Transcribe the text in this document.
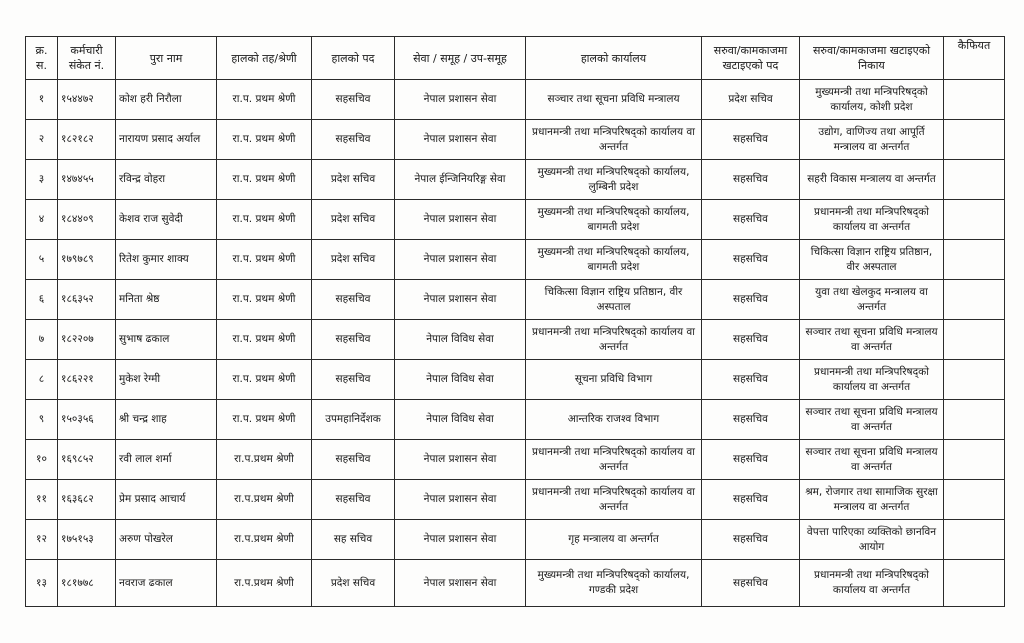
क्र. स.	कर्मचारी संकेत नं.	पुरा नाम	हालको तह/श्रेणी	हालको पद	सेवा / समूह / उप-समूह	हालको कार्यालय	सरुवा/कामकाजमा खटाइएको पद	सरुवा/कामकाजमा खटाइएको निकाय	कैफियत
१	१५४४७२	कोश हरी निरौला	रा.प. प्रथम श्रेणी	सहसचिव	नेपाल प्रशासन सेवा	सञ्चार तथा सूचना प्रविधि मन्त्रालय	प्रदेश सचिव	मुख्यमन्त्री तथा मन्त्रिपरिषद्को कार्यालय, कोशी प्रदेश	
२	१८२१८२	नारायण प्रसाद अर्याल	रा.प. प्रथम श्रेणी	सहसचिव	नेपाल प्रशासन सेवा	प्रधानमन्त्री तथा मन्त्रिपरिषद्को कार्यालय वा अन्तर्गत	सहसचिव	उद्योग, वाणिज्य तथा आपूर्ति मन्त्रालय वा अन्तर्गत	
३	१४७४५५	रविन्द्र वोहरा	रा.प. प्रथम श्रेणी	प्रदेश सचिव	नेपाल ईन्जिनियरिङ्ग सेवा	मुख्यमन्त्री तथा मन्त्रिपरिषद्को कार्यालय, लुम्बिनी प्रदेश	सहसचिव	सहरी विकास मन्त्रालय वा अन्तर्गत	
४	१८४४०९	केशव राज सुवेदी	रा.प. प्रथम श्रेणी	प्रदेश सचिव	नेपाल प्रशासन सेवा	मुख्यमन्त्री तथा मन्त्रिपरिषद्को कार्यालय, बागमती प्रदेश	सहसचिव	प्रधानमन्त्री तथा मन्त्रिपरिषद्को कार्यालय वा अन्तर्गत	
५	१७९७८९	रितेश कुमार शाक्य	रा.प. प्रथम श्रेणी	प्रदेश सचिव	नेपाल प्रशासन सेवा	मुख्यमन्त्री तथा मन्त्रिपरिषद्को कार्यालय, बागमती प्रदेश	सहसचिव	चिकित्सा विज्ञान राष्ट्रिय प्रतिष्ठान, वीर अस्पताल	
६	१८६३५२	मनिता श्रेष्ठ	रा.प. प्रथम श्रेणी	सहसचिव	नेपाल प्रशासन सेवा	चिकित्सा विज्ञान राष्ट्रिय प्रतिष्ठान, वीर अस्पताल	सहसचिव	युवा तथा खेलकुद मन्त्रालय वा अन्तर्गत	
७	१८२२०७	सुभाष ढकाल	रा.प. प्रथम श्रेणी	सहसचिव	नेपाल विविध सेवा	प्रधानमन्त्री तथा मन्त्रिपरिषद्को कार्यालय वा अन्तर्गत	सहसचिव	सञ्चार तथा सूचना प्रविधि मन्त्रालय वा अन्तर्गत	
८	१८६२२१	मुकेश रेग्मी	रा.प. प्रथम श्रेणी	सहसचिव	नेपाल विविध सेवा	सूचना प्रविधि विभाग	सहसचिव	प्रधानमन्त्री तथा मन्त्रिपरिषद्को कार्यालय वा अन्तर्गत	
९	१५०३५६	श्री चन्द्र शाह	रा.प. प्रथम श्रेणी	उपमहानिर्देशक	नेपाल विविध सेवा	आन्तरिक राजश्व विभाग	सहसचिव	सञ्चार तथा सूचना प्रविधि मन्त्रालय वा अन्तर्गत	
१०	१६९८५२	रवी लाल शर्मा	रा.प.प्रथम श्रेणी	सहसचिव	नेपाल प्रशासन सेवा	प्रधानमन्त्री तथा मन्त्रिपरिषद्को कार्यालय वा अन्तर्गत	सहसचिव	सञ्चार तथा सूचना प्रविधि मन्त्रालय वा अन्तर्गत	
११	१६३६८२	प्रेम प्रसाद आचार्य	रा.प.प्रथम श्रेणी	सहसचिव	नेपाल प्रशासन सेवा	प्रधानमन्त्री तथा मन्त्रिपरिषद्को कार्यालय वा अन्तर्गत	सहसचिव	श्रम, रोजगार तथा सामाजिक सुरक्षा मन्त्रालय वा अन्तर्गत	
१२	१७५१५३	अरुण पोखरेल	रा.प.प्रथम श्रेणी	सह सचिव	नेपाल प्रशासन सेवा	गृह मन्त्रालय वा अन्तर्गत	सहसचिव	वेपत्ता पारिएका व्यक्तिको छानविन आयोग	
१३	१८१७७८	नवराज ढकाल	रा.प.प्रथम श्रेणी	प्रदेश सचिव	नेपाल प्रशासन सेवा	मुख्यमन्त्री तथा मन्त्रिपरिषद्को कार्यालय, गण्डकी प्रदेश	सहसचिव	प्रधानमन्त्री तथा मन्त्रिपरिषद्को कार्यालय वा अन्तर्गत	
